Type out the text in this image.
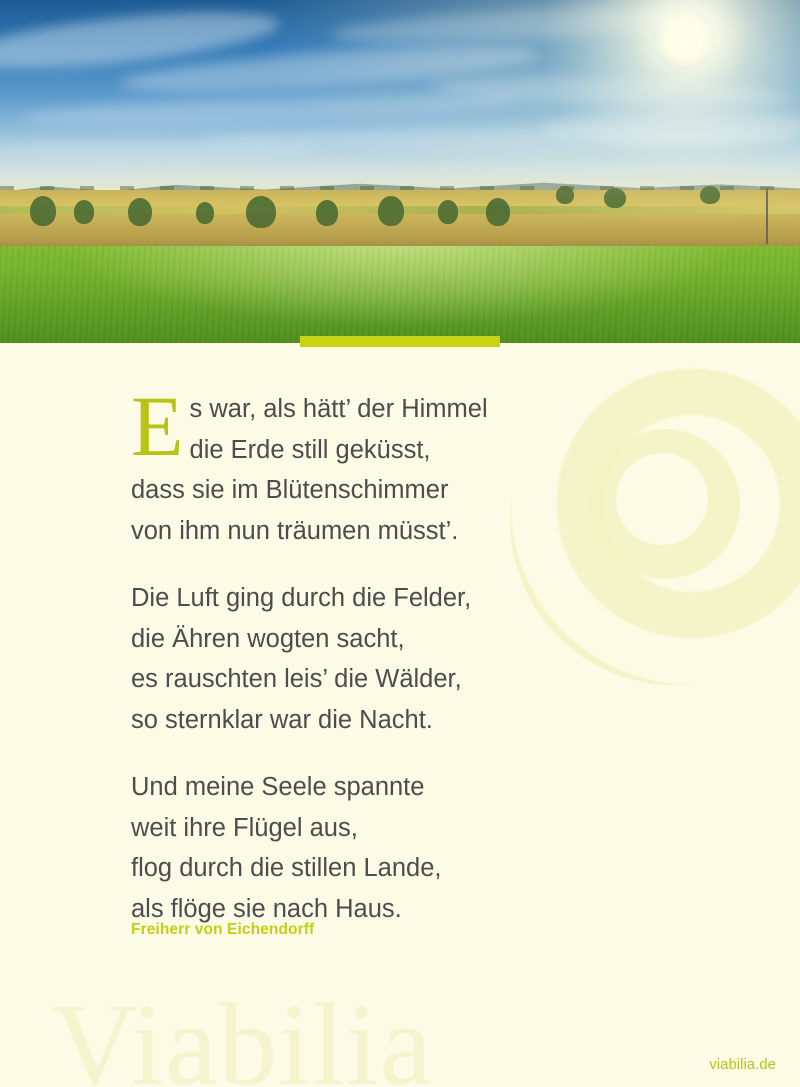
E s war, als hätt’ der Himmel

die Erde still geküsst,

dass sie im Blütenschimmer

von ihm nun träumen müsst’.

Die Luft ging durch die Felder,

die Ähren wogten sacht,

es rauschten leis’ die Wälder,

so sternklar war die Nacht.

Und meine Seele spannte

weit ihre Flügel aus,

flog durch die stillen Lande,

als flöge sie nach Haus.

Freiherr von Eichendorff
Viabilia	viabilia.de
